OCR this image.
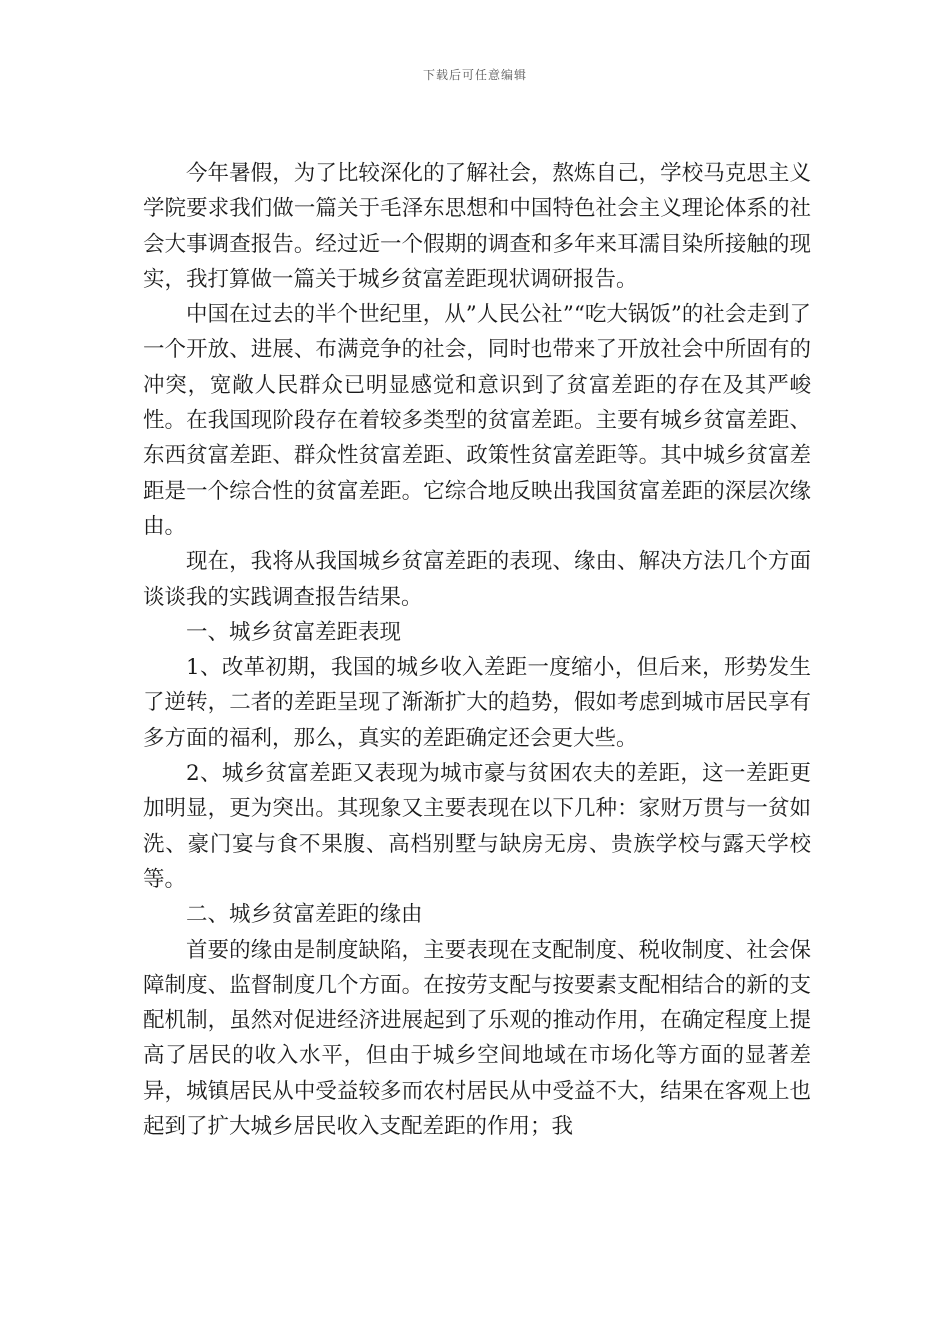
下载后可任意编辑

今年暑假，为了比较深化的了解社会，熬炼自己，学校马克思主义学院要求我们做一篇关于毛泽东思想和中国特色社会主义理论体系的社会大事调查报告。经过近一个假期的调查和多年来耳濡目染所接触的现实，我打算做一篇关于城乡贫富差距现状调研报告。

中国在过去的半个世纪里，从”人民公社”“吃大锅饭”的社会走到了一个开放、进展、布满竞争的社会，同时也带来了开放社会中所固有的冲突，宽敞人民群众已明显感觉和意识到了贫富差距的存在及其严峻性。在我国现阶段存在着较多类型的贫富差距。主要有城乡贫富差距、东西贫富差距、群众性贫富差距、政策性贫富差距等。其中城乡贫富差距是一个综合性的贫富差距。它综合地反映出我国贫富差距的深层次缘由。

现在，我将从我国城乡贫富差距的表现、缘由、解决方法几个方面谈谈我的实践调查报告结果。

一、城乡贫富差距表现

1、改革初期，我国的城乡收入差距一度缩小，但后来，形势发生了逆转，二者的差距呈现了渐渐扩大的趋势，假如考虑到城市居民享有多方面的福利，那么，真实的差距确定还会更大些。

2、城乡贫富差距又表现为城市豪与贫困农夫的差距，这一差距更加明显，更为突出。其现象又主要表现在以下几种：家财万贯与一贫如洗、豪门宴与食不果腹、高档别墅与缺房无房、贵族学校与露天学校等。

二、城乡贫富差距的缘由

首要的缘由是制度缺陷，主要表现在支配制度、税收制度、社会保障制度、监督制度几个方面。在按劳支配与按要素支配相结合的新的支配机制，虽然对促进经济进展起到了乐观的推动作用，在确定程度上提高了居民的收入水平，但由于城乡空间地域在市场化等方面的显著差异，城镇居民从中受益较多而农村居民从中受益不大，结果在客观上也起到了扩大城乡居民收入支配差距的作用；我
